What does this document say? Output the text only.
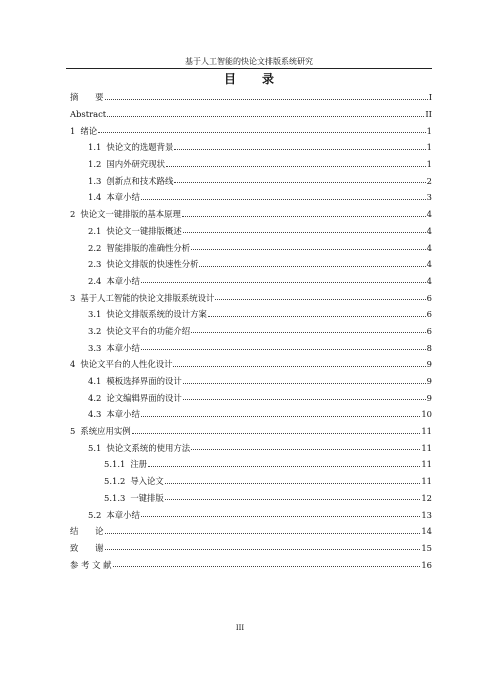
基于人工智能的快论文排版系统研究
目 录
摘　　要	I
Abstract	II
1 绪论	1
1.1 快论文的选题背景	1
1.2 国内外研究现状	1
1.3 创新点和技术路线	2
1.4 本章小结	3
2 快论文一键排版的基本原理	4
2.1 快论文一键排版概述	4
2.2 智能排版的准确性分析	4
2.3 快论文排版的快速性分析	4
2.4 本章小结	4
3 基于人工智能的快论文排版系统设计	6
3.1 快论文排版系统的设计方案	6
3.2 快论文平台的功能介绍	6
3.3 本章小结	8
4 快论文平台的人性化设计	9
4.1 模板选择界面的设计	9
4.2 论文编辑界面的设计	9
4.3 本章小结	10
5 系统应用实例	11
5.1 快论文系统的使用方法	11
5.1.1 注册	11
5.1.2 导入论文	11
5.1.3 一键排版	12
5.2 本章小结	13
结　　论	14
致　　谢	15
参 考 文 献	16
III
